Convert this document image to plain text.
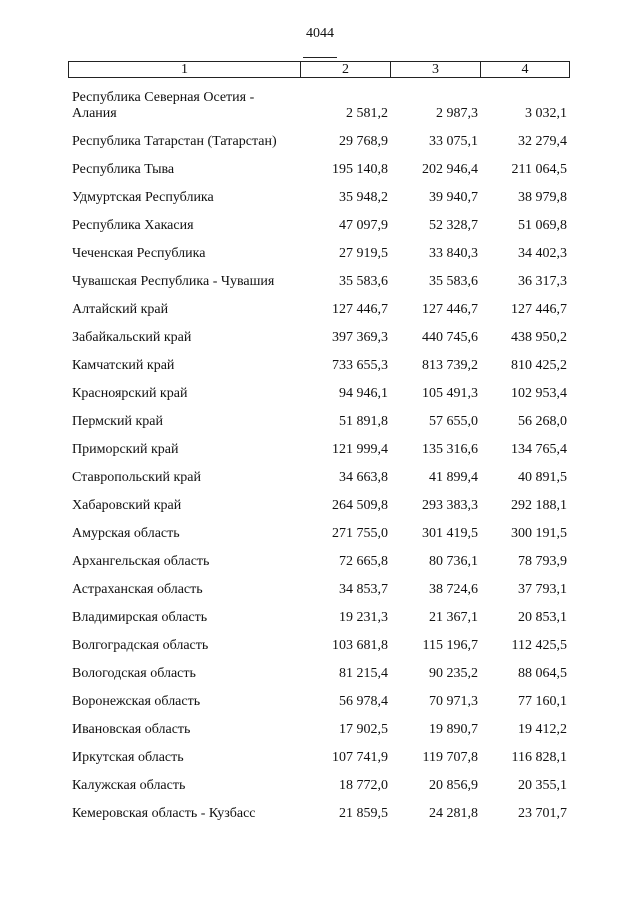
4044
1	2	3	4
Республика Северная Осетия -
Алания	2 581,2	2 987,3	3 032,1
Республика Татарстан (Татарстан)	29 768,9	33 075,1	32 279,4
Республика Тыва	195 140,8	202 946,4	211 064,5
Удмуртская Республика	35 948,2	39 940,7	38 979,8
Республика Хакасия	47 097,9	52 328,7	51 069,8
Чеченская Республика	27 919,5	33 840,3	34 402,3
Чувашская Республика - Чувашия	35 583,6	35 583,6	36 317,3
Алтайский край	127 446,7	127 446,7	127 446,7
Забайкальский край	397 369,3	440 745,6	438 950,2
Камчатский край	733 655,3	813 739,2	810 425,2
Красноярский край	94 946,1	105 491,3	102 953,4
Пермский край	51 891,8	57 655,0	56 268,0
Приморский край	121 999,4	135 316,6	134 765,4
Ставропольский край	34 663,8	41 899,4	40 891,5
Хабаровский край	264 509,8	293 383,3	292 188,1
Амурская область	271 755,0	301 419,5	300 191,5
Архангельская область	72 665,8	80 736,1	78 793,9
Астраханская область	34 853,7	38 724,6	37 793,1
Владимирская область	19 231,3	21 367,1	20 853,1
Волгоградская область	103 681,8	115 196,7	112 425,5
Вологодская область	81 215,4	90 235,2	88 064,5
Воронежская область	56 978,4	70 971,3	77 160,1
Ивановская область	17 902,5	19 890,7	19 412,2
Иркутская область	107 741,9	119 707,8	116 828,1
Калужская область	18 772,0	20 856,9	20 355,1
Кемеровская область - Кузбасс	21 859,5	24 281,8	23 701,7
